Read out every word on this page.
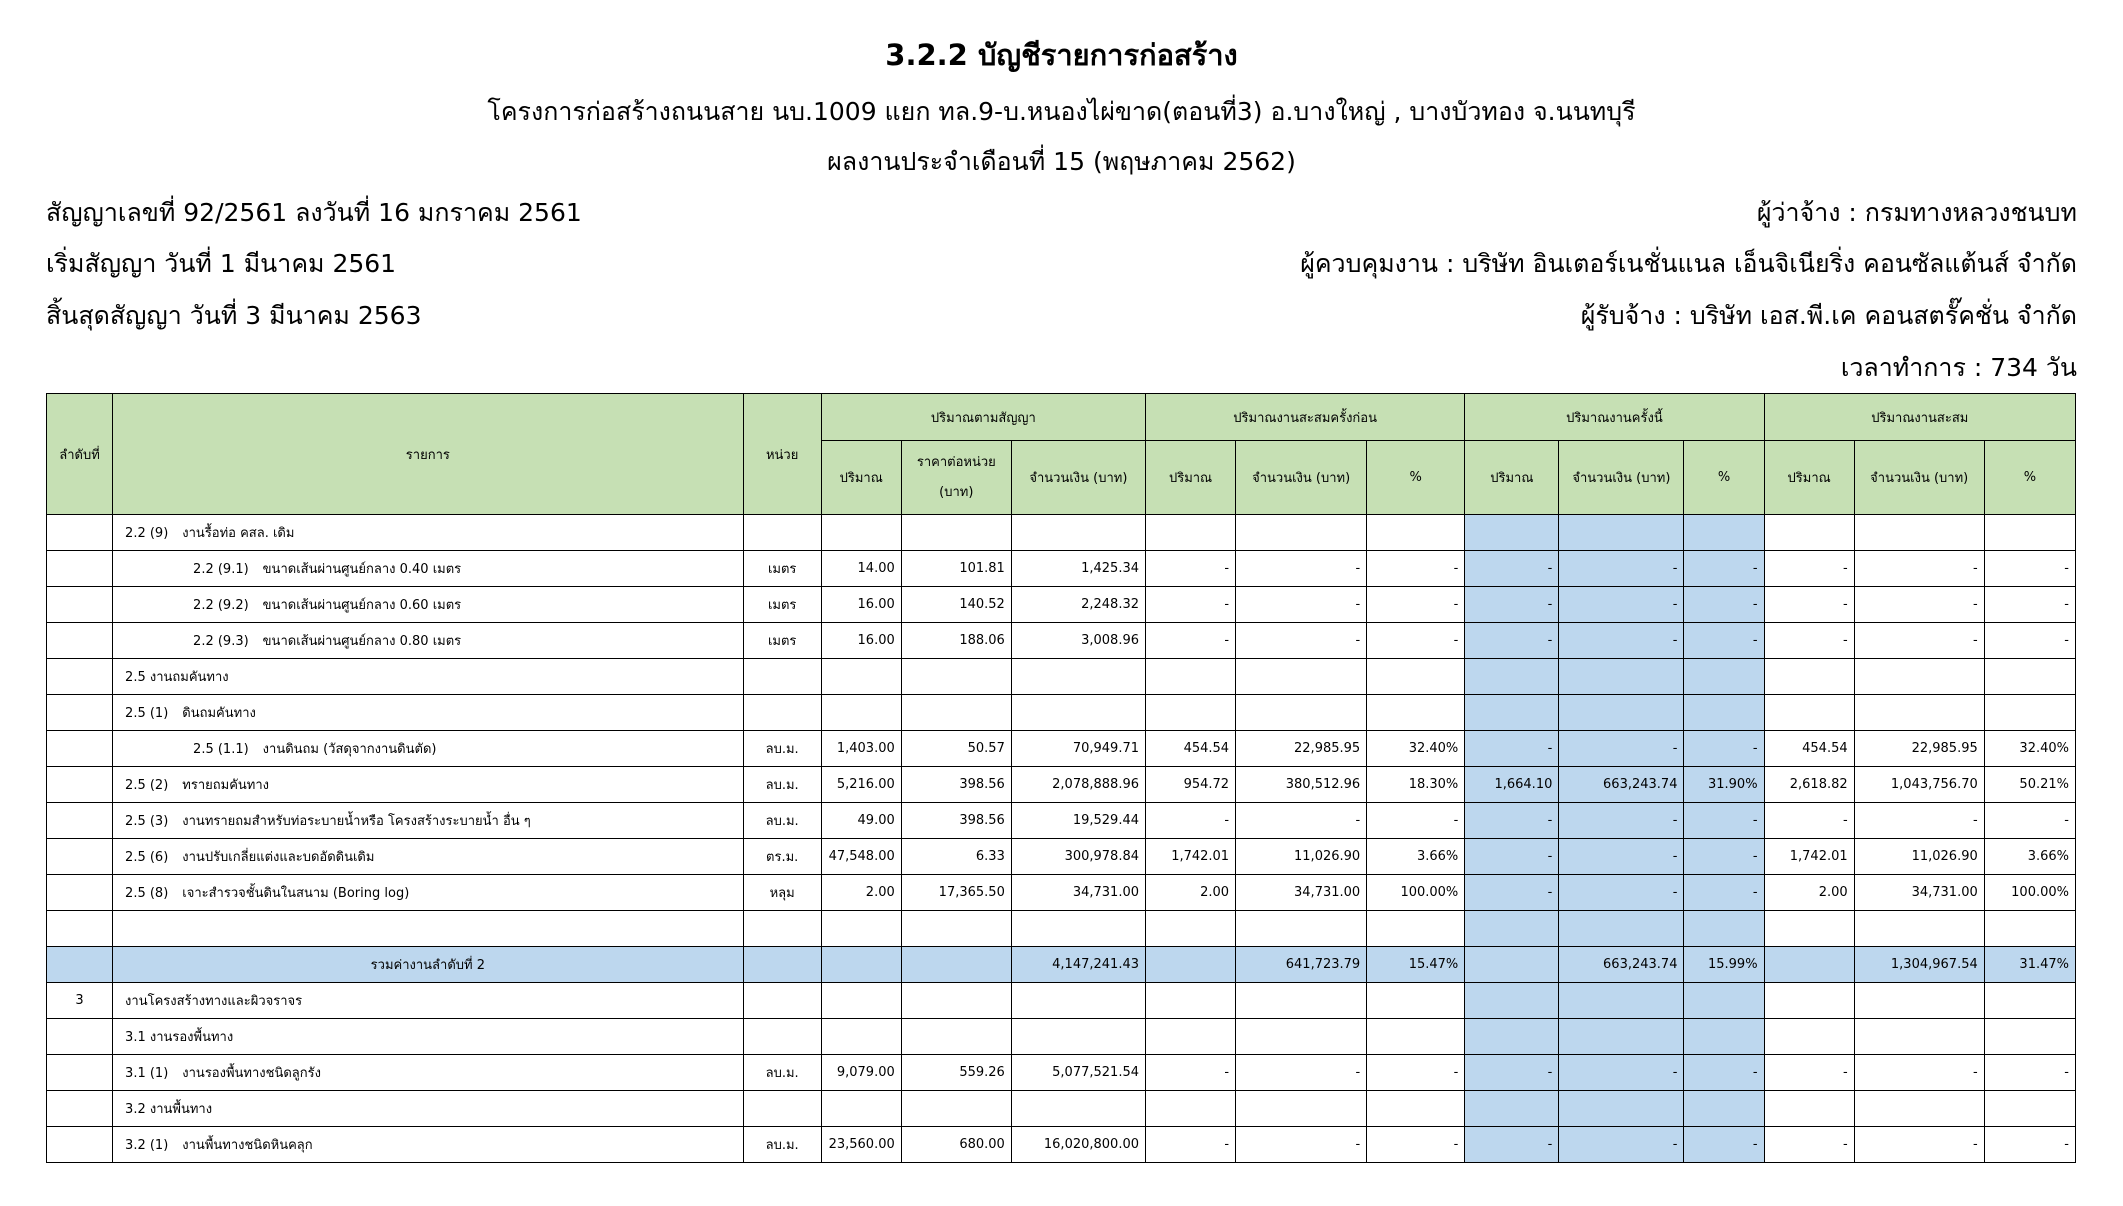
3.2.2 บัญชีรายการก่อสร้าง
โครงการก่อสร้างถนนสาย นบ.1009 แยก ทล.9-บ.หนองไผ่ขาด(ตอนที่3) อ.บางใหญ่ , บางบัวทอง จ.นนทบุรี
ผลงานประจำเดือนที่ 15 (พฤษภาคม 2562)
สัญญาเลขที่ 92/2561 ลงวันที่ 16 มกราคม 2561
เริ่มสัญญา วันที่ 1 มีนาคม 2561
สิ้นสุดสัญญา วันที่ 3 มีนาคม 2563
ผู้ว่าจ้าง : กรมทางหลวงชนบท
ผู้ควบคุมงาน : บริษัท อินเตอร์เนชั่นแนล เอ็นจิเนียริ่ง คอนซัลแต้นส์ จำกัด
ผู้รับจ้าง : บริษัท เอส.พี.เค คอนสตรั๊คชั่น จำกัด
เวลาทำการ : 734 วัน
ลำดับที่	รายการ	หน่วย	ปริมาณตามสัญญา			ปริมาณงานสะสมครั้งก่อน			ปริมาณงานครั้งนี้			ปริมาณงานสะสม		
			ปริมาณ	ราคาต่อหน่วย (บาท)	จำนวนเงิน (บาท)	ปริมาณ	จำนวนเงิน (บาท)	%	ปริมาณ	จำนวนเงิน (บาท)	%	ปริมาณ	จำนวนเงิน (บาท)	%
	2.2 (9) งานรื้อท่อ คสล. เดิม													
	2.2 (9.1) ขนาดเส้นผ่านศูนย์กลาง 0.40 เมตร	เมตร	14.00	101.81	1,425.34	-	-	-	-	-	-	-	-	-
	2.2 (9.2) ขนาดเส้นผ่านศูนย์กลาง 0.60 เมตร	เมตร	16.00	140.52	2,248.32	-	-	-	-	-	-	-	-	-
	2.2 (9.3) ขนาดเส้นผ่านศูนย์กลาง 0.80 เมตร	เมตร	16.00	188.06	3,008.96	-	-	-	-	-	-	-	-	-
	2.5 งานถมคันทาง													
	2.5 (1) ดินถมคันทาง													
	2.5 (1.1) งานดินถม (วัสดุจากงานดินตัด)	ลบ.ม.	1,403.00	50.57	70,949.71	454.54	22,985.95	32.40%	-	-	-	454.54	22,985.95	32.40%
	2.5 (2) ทรายถมคันทาง	ลบ.ม.	5,216.00	398.56	2,078,888.96	954.72	380,512.96	18.30%	1,664.10	663,243.74	31.90%	2,618.82	1,043,756.70	50.21%
	2.5 (3) งานทรายถมสำหรับท่อระบายน้ำหรือ โครงสร้างระบายน้ำ อื่น ๆ	ลบ.ม.	49.00	398.56	19,529.44	-	-	-	-	-	-	-	-	-
	2.5 (6) งานปรับเกลี่ยแต่งและบดอัดดินเดิม	ตร.ม.	47,548.00	6.33	300,978.84	1,742.01	11,026.90	3.66%	-	-	-	1,742.01	11,026.90	3.66%
	2.5 (8) เจาะสำรวจชั้นดินในสนาม (Boring log)	หลุม	2.00	17,365.50	34,731.00	2.00	34,731.00	100.00%	-	-	-	2.00	34,731.00	100.00%

	รวมค่างานลำดับที่ 2				4,147,241.43		641,723.79	15.47%		663,243.74	15.99%		1,304,967.54	31.47%
3	งานโครงสร้างทางและผิวจราจร													
	3.1 งานรองพื้นทาง													
	3.1 (1) งานรองพื้นทางชนิดลูกรัง	ลบ.ม.	9,079.00	559.26	5,077,521.54	-	-	-	-	-	-	-	-	-
	3.2 งานพื้นทาง													
	3.2 (1) งานพื้นทางชนิดหินคลุก	ลบ.ม.	23,560.00	680.00	16,020,800.00	-	-	-	-	-	-	-	-	-
